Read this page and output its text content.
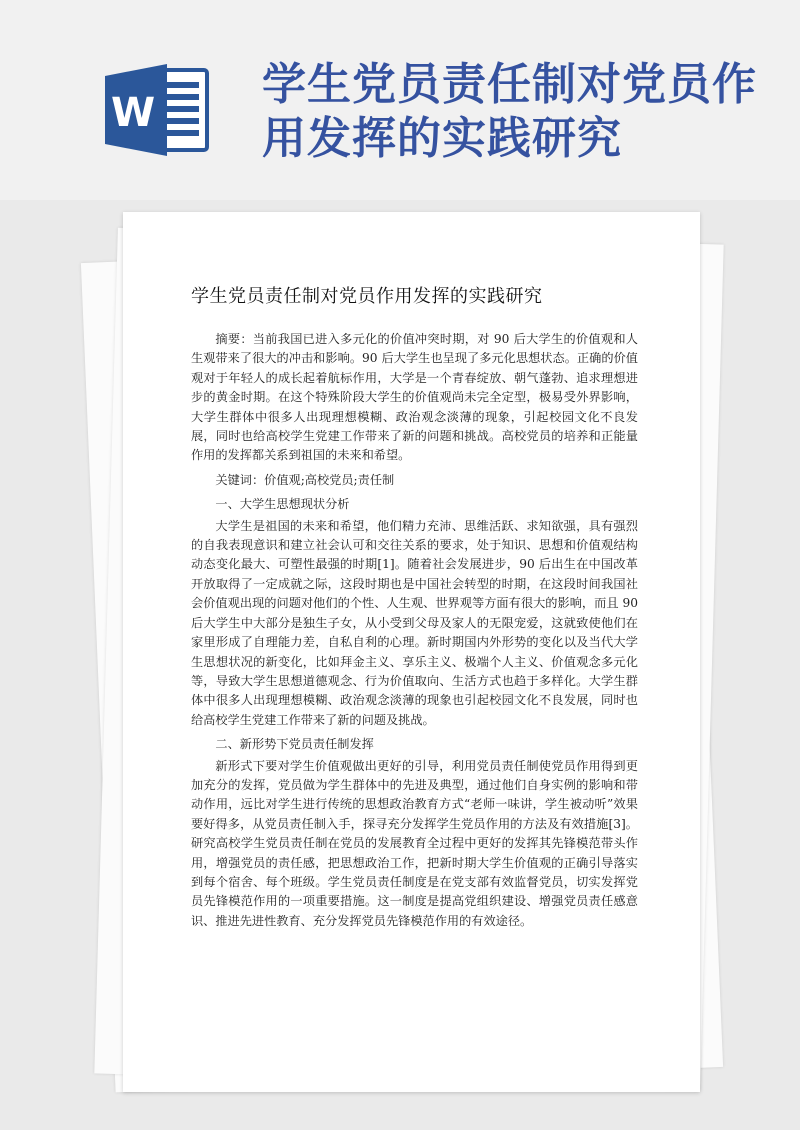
W
学生党员责任制对党员作用发挥的实践研究
学生党员责任制对党员作用发挥的实践研究

摘要：当前我国已进入多元化的价值冲突时期，对 90 后大学生的价值观和人生观带来了很大的冲击和影响。90 后大学生也呈现了多元化思想状态。正确的价值观对于年轻人的成长起着航标作用，大学是一个青春绽放、朝气蓬勃、追求理想进步的黄金时期。在这个特殊阶段大学生的价值观尚未完全定型，极易受外界影响，大学生群体中很多人出现理想模糊、政治观念淡薄的现象，引起校园文化不良发展，同时也给高校学生党建工作带来了新的问题和挑战。高校党员的培养和正能量作用的发挥都关系到祖国的未来和希望。

关键词：价值观;高校党员;责任制

一、大学生思想现状分析

大学生是祖国的未来和希望，他们精力充沛、思维活跃、求知欲强，具有强烈的自我表现意识和建立社会认可和交往关系的要求，处于知识、思想和价值观结构动态变化最大、可塑性最强的时期[1]。随着社会发展进步，90 后出生在中国改革开放取得了一定成就之际，这段时期也是中国社会转型的时期，在这段时间我国社会价值观出现的问题对他们的个性、人生观、世界观等方面有很大的影响，而且 90 后大学生中大部分是独生子女，从小受到父母及家人的无限宠爱，这就致使他们在家里形成了自理能力差，自私自利的心理。新时期国内外形势的变化以及当代大学生思想状况的新变化，比如拜金主义、享乐主义、极端个人主义、价值观念多元化等，导致大学生思想道德观念、行为价值取向、生活方式也趋于多样化。大学生群体中很多人出现理想模糊、政治观念淡薄的现象也引起校园文化不良发展，同时也给高校学生党建工作带来了新的问题及挑战。

二、新形势下党员责任制发挥

新形式下要对学生价值观做出更好的引导，利用党员责任制使党员作用得到更加充分的发挥，党员做为学生群体中的先进及典型，通过他们自身实例的影响和带动作用，远比对学生进行传统的思想政治教育方式“老师一味讲，学生被动听”效果要好得多，从党员责任制入手，探寻充分发挥学生党员作用的方法及有效措施[3]。研究高校学生党员责任制在党员的发展教育全过程中更好的发挥其先锋模范带头作用，增强党员的责任感，把思想政治工作，把新时期大学生价值观的正确引导落实到每个宿舍、每个班级。学生党员责任制度是在党支部有效监督党员，切实发挥党员先锋模范作用的一项重要措施。这一制度是提高党组织建设、增强党员责任感意识、推进先进性教育、充分发挥党员先锋模范作用的有效途径。
